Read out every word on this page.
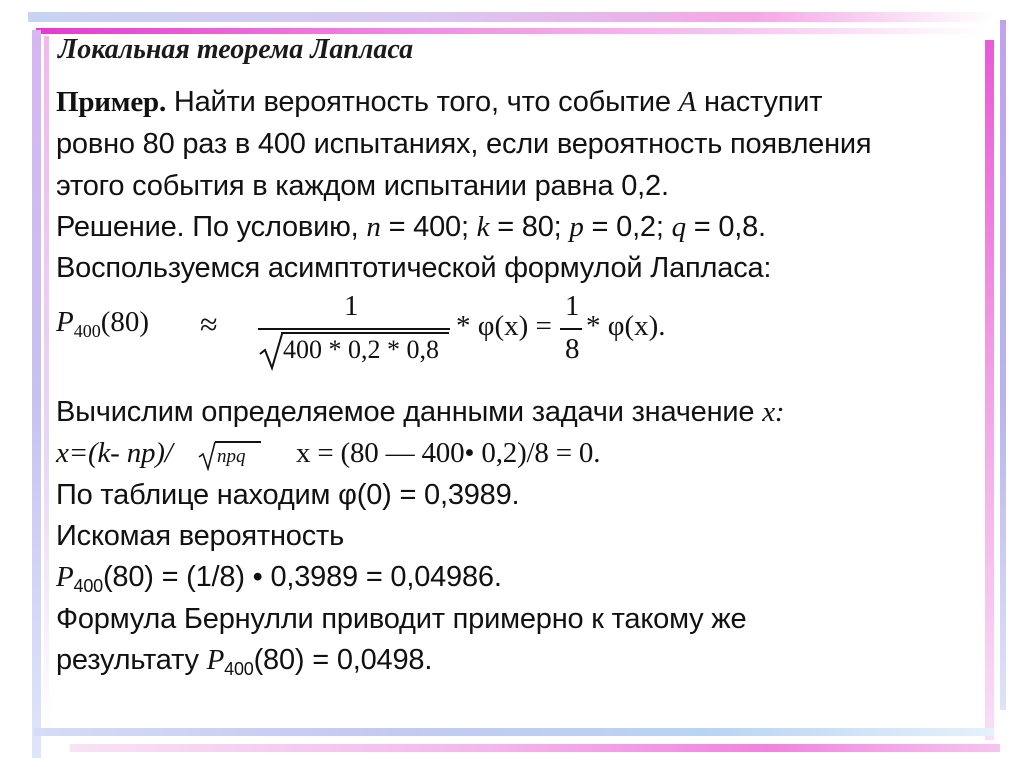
Локальная теорема Лапласа
Пример. Найти вероятность того, что событие А наступит
ровно 80 раз в 400 испытаниях, если вероятность появления
этого события в каждом испытании равна 0,2.
Решение. По условию, n = 400; k = 80; p = 0,2; q = 0,8.
Воспользуемся асимптотической формулой Лапласа:
$P_{400}(80)$ ≈	1
400 * 0,2 * 0,8
* φ(x) =
1
8
* φ(x).
Вычислим определяемое данными задачи значение x:
x=(k- np)/ npq x = (80 — 400• 0,2)/8 = 0.
По таблице находим φ(0) = 0,3989.
Искомая вероятность
$P_{400}(80) = (1/8)$ • 0,3989 = 0,04986.
Формула Бернулли приводит примерно к такому же
результату $P_{400}(80) = 0,0498$.
